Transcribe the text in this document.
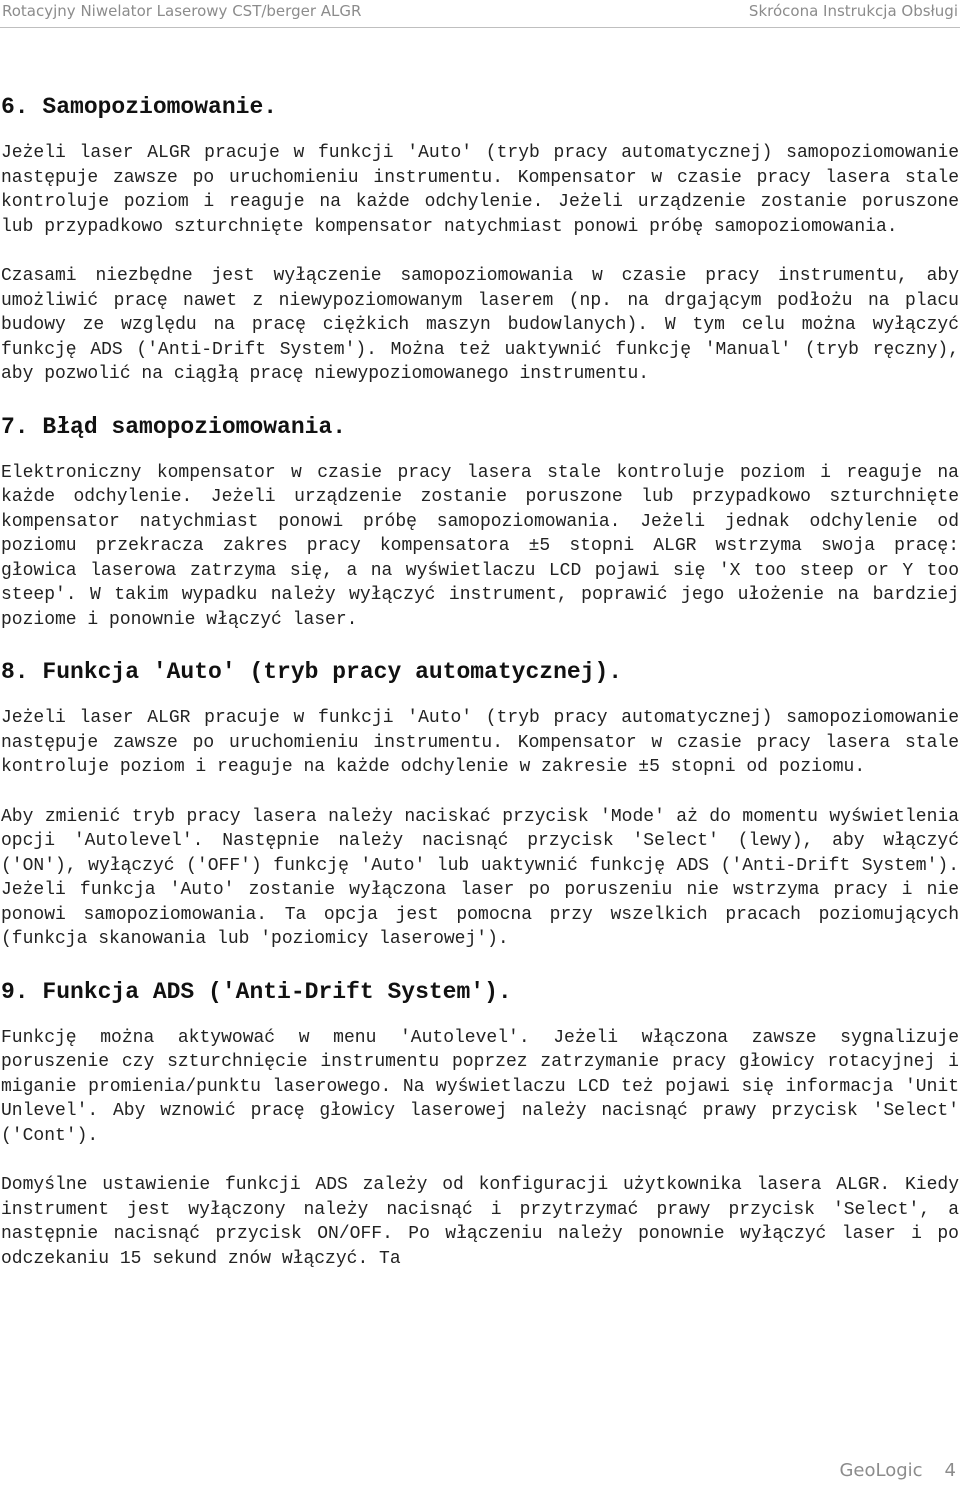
Rotacyjny Niwelator Laserowy CST/berger ALGR	Skrócona Instrukcja Obsługi
6. Samopoziomowanie.

Jeżeli laser ALGR pracuje w funkcji 'Auto' (tryb pracy automatycznej) samopoziomowanie następuje zawsze po uruchomieniu instrumentu. Kompensator w czasie pracy lasera stale kontroluje poziom i reaguje na każde odchylenie. Jeżeli urządzenie zostanie poruszone lub przypadkowo szturchnięte kompensator natychmiast ponowi próbę samopoziomowania.

Czasami niezbędne jest wyłączenie samopoziomowania w czasie pracy instrumentu, aby umożliwić pracę nawet z niewypoziomowanym laserem (np. na drgającym podłożu na placu budowy ze względu na pracę ciężkich maszyn budowlanych). W tym celu można wyłączyć funkcję ADS ('Anti-Drift System'). Można też uaktywnić funkcję 'Manual' (tryb ręczny), aby pozwolić na ciągłą pracę niewypoziomowanego instrumentu.

7. Błąd samopoziomowania.

Elektroniczny kompensator w czasie pracy lasera stale kontroluje poziom i reaguje na każde odchylenie. Jeżeli urządzenie zostanie poruszone lub przypadkowo szturchnięte kompensator natychmiast ponowi próbę samopoziomowania. Jeżeli jednak odchylenie od poziomu przekracza zakres pracy kompensatora ±5 stopni ALGR wstrzyma swoja pracę: głowica laserowa zatrzyma się, a na wyświetlaczu LCD pojawi się 'X too steep or Y too steep'. W takim wypadku należy wyłączyć instrument, poprawić jego ułożenie na bardziej poziome i ponownie włączyć laser.

8. Funkcja 'Auto' (tryb pracy automatycznej).

Jeżeli laser ALGR pracuje w funkcji 'Auto' (tryb pracy automatycznej) samopoziomowanie następuje zawsze po uruchomieniu instrumentu. Kompensator w czasie pracy lasera stale kontroluje poziom i reaguje na każde odchylenie w zakresie ±5 stopni od poziomu.

Aby zmienić tryb pracy lasera należy naciskać przycisk 'Mode' aż do momentu wyświetlenia opcji 'Autolevel'. Następnie należy nacisnąć przycisk 'Select' (lewy), aby włączyć ('ON'), wyłączyć ('OFF') funkcję 'Auto' lub uaktywnić funkcję ADS ('Anti-Drift System'). Jeżeli funkcja 'Auto' zostanie wyłączona laser po poruszeniu nie wstrzyma pracy i nie ponowi samopoziomowania. Ta opcja jest pomocna przy wszelkich pracach poziomujących (funkcja skanowania lub 'poziomicy laserowej').

9. Funkcja ADS ('Anti-Drift System').

Funkcję można aktywować w menu 'Autolevel'. Jeżeli włączona zawsze sygnalizuje poruszenie czy szturchnięcie instrumentu poprzez zatrzymanie pracy głowicy rotacyjnej i miganie promienia/punktu laserowego. Na wyświetlaczu LCD też pojawi się informacja 'Unit Unlevel'. Aby wznowić pracę głowicy laserowej należy nacisnąć prawy przycisk 'Select' ('Cont').

Domyślne ustawienie funkcji ADS zależy od konfiguracji użytkownika lasera ALGR. Kiedy instrument jest wyłączony należy nacisnąć i przytrzymać prawy przycisk 'Select', a następnie nacisnąć przycisk ON/OFF. Po włączeniu należy ponownie wyłączyć laser i po odczekaniu 15 sekund znów włączyć. Ta

GeoLogic 4
